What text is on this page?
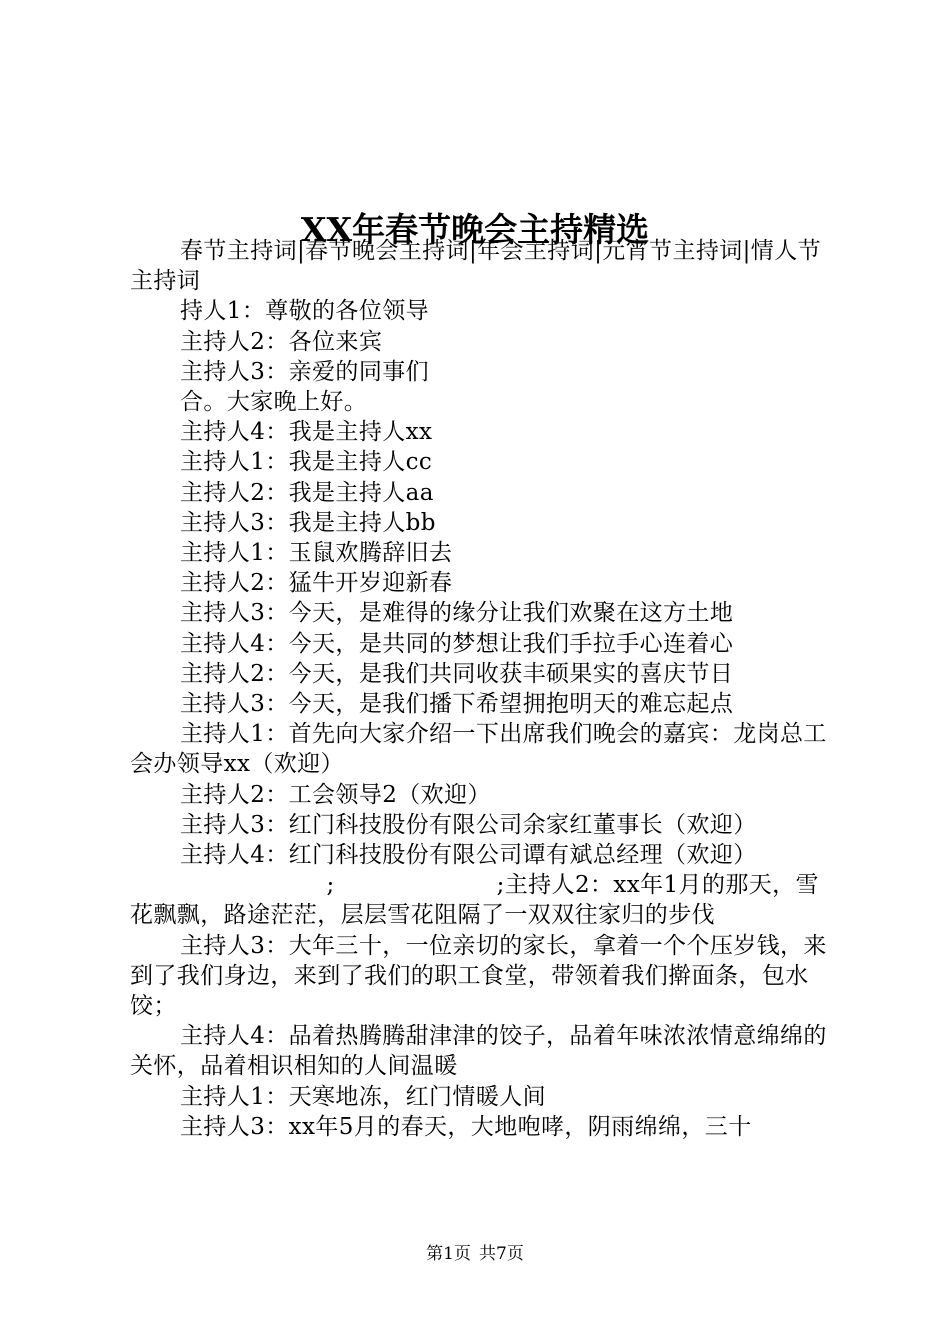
XX年春节晚会主持精选

春节主持词|春节晚会主持词|年会主持词|元宵节主持词|情人节主持词

持人1：尊敬的各位领导

主持人2：各位来宾

主持人3：亲爱的同事们

合。大家晚上好。

主持人4：我是主持人xx

主持人1：我是主持人cc

主持人2：我是主持人aa

主持人3：我是主持人bb

主持人1：玉鼠欢腾辞旧去

主持人2：猛牛开岁迎新春

主持人3：今天，是难得的缘分让我们欢聚在这方土地

主持人4：今天，是共同的梦想让我们手拉手心连着心

主持人2：今天，是我们共同收获丰硕果实的喜庆节日

主持人3：今天，是我们播下希望拥抱明天的难忘起点

主持人1：首先向大家介绍一下出席我们晚会的嘉宾：龙岗总工会办领导xx（欢迎）

主持人2：工会领导2（欢迎）

主持人3：红门科技股份有限公司余家红董事长（欢迎）

主持人4：红门科技股份有限公司谭有斌总经理（欢迎）

;                     ;主持人2：xx年1月的那天，雪花飘飘，路途茫茫，层层雪花阻隔了一双双往家归的步伐

主持人3：大年三十，一位亲切的家长，拿着一个个压岁钱，来到了我们身边，来到了我们的职工食堂，带领着我们擀面条，包水饺；

主持人4：品着热腾腾甜津津的饺子，品着年味浓浓情意绵绵的关怀，品着相识相知的人间温暖

主持人1：天寒地冻，红门情暖人间

主持人3：xx年5月的春天，大地咆哮，阴雨绵绵，三十

第1页 共7页
